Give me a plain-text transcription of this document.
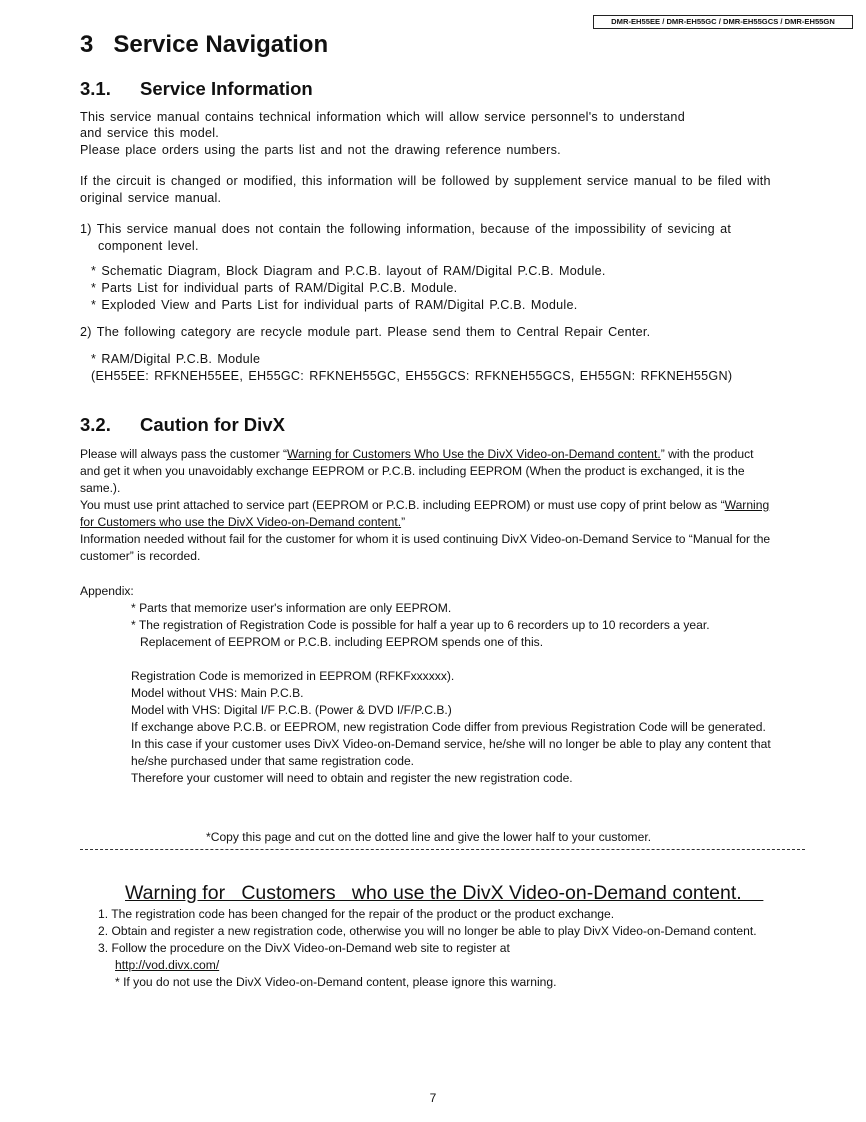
DMR-EH55EE / DMR-EH55GC / DMR-EH55GCS / DMR-EH55GN
3   Service Navigation
3.1. Service Information
This service manual contains technical information which will allow service personnel's to understand
and service this model.
Please place orders using the parts list and not the drawing reference numbers.
If the circuit is changed or modified, this information will be followed by supplement service manual to be filed with
original service manual.
1) This service manual does not contain the following information, because of the impossibility of sevicing at
component level.
* Schematic Diagram, Block Diagram and P.C.B. layout of RAM/Digital P.C.B. Module.
* Parts List for individual parts of RAM/Digital P.C.B. Module.
* Exploded View and Parts List for individual parts of RAM/Digital P.C.B. Module.
2) The following category are recycle module part. Please send them to Central Repair Center.
* RAM/Digital P.C.B. Module
(EH55EE: RFKNEH55EE, EH55GC: RFKNEH55GC, EH55GCS: RFKNEH55GCS, EH55GN: RFKNEH55GN)
3.2. Caution for DivX
Please will always pass the customer “Warning for Customers Who Use the DivX Video-on-Demand content.” with the product
and get it when you unavoidably exchange EEPROM or P.C.B. including EEPROM (When the product is exchanged, it is the
same.).
You must use print attached to service part (EEPROM or P.C.B. including EEPROM) or must use copy of print below as “Warning
for Customers who use the DivX Video-on-Demand content.”
Information needed without fail for the customer for whom it is used continuing DivX Video-on-Demand Service to “Manual for the
customer” is recorded.
Appendix:
* Parts that memorize user's information are only EEPROM.
* The registration of Registration Code is possible for half a year up to 6 recorders up to 10 recorders a year.
Replacement of EEPROM or P.C.B. including EEPROM spends one of this.
Registration Code is memorized in EEPROM (RFKFxxxxxx).
Model without VHS: Main P.C.B.
Model with VHS: Digital I/F P.C.B. (Power & DVD I/F/P.C.B.)
If exchange above P.C.B. or EEPROM, new registration Code differ from previous Registration Code will be generated.
In this case if your customer uses DivX Video-on-Demand service, he/she will no longer be able to play any content that
he/she purchased under that same registration code.
Therefore your customer will need to obtain and register the new registration code.
*Copy this page and cut on the dotted line and give the lower half to your customer.
Warning for   Customers   who use the DivX Video-on-Demand content.
1. The registration code has been changed for the repair of the product or the product exchange.
2. Obtain and register a new registration code, otherwise you will no longer be able to play DivX Video-on-Demand content.
3. Follow the procedure on the DivX Video-on-Demand web site to register at
http://vod.divx.com/
* If you do not use the DivX Video-on-Demand content, please ignore this warning.
7
